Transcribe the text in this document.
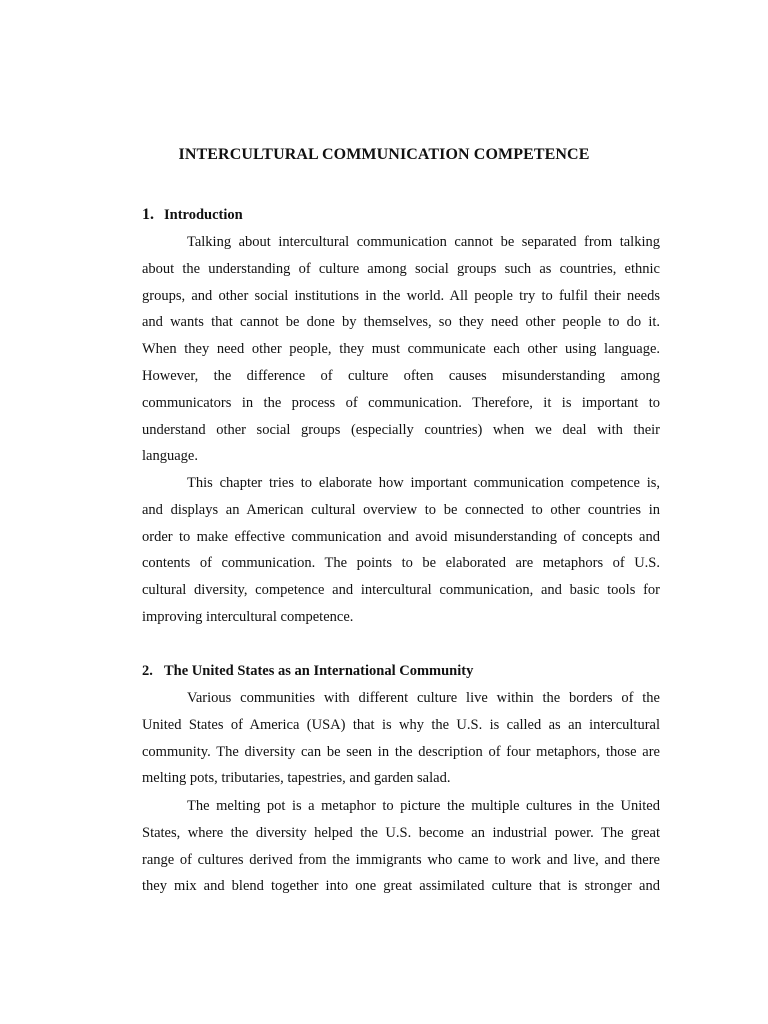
INTERCULTURAL COMMUNICATION COMPETENCE
1. Introduction
Talking about intercultural communication cannot be separated from talking
about the understanding of culture among social groups such as countries, ethnic
groups, and other social institutions in the world. All people try to fulfil their needs
and wants that cannot be done by themselves, so they need other people to do it.
When they need other people, they must communicate each other using language.
However, the difference of culture often causes misunderstanding among
communicators in the process of communication. Therefore, it is important to
understand other social groups (especially countries) when we deal with their
language.
This chapter tries to elaborate how important communication competence is,
and displays an American cultural overview to be connected to other countries in
order to make effective communication and avoid misunderstanding of concepts and
contents of communication. The points to be elaborated are metaphors of U.S.
cultural diversity, competence and intercultural communication, and basic tools for
improving intercultural competence.
2. The United States as an International Community
Various communities with different culture live within the borders of the
United States of America (USA) that is why the U.S. is called as an intercultural
community. The diversity can be seen in the description of four metaphors, those are
melting pots, tributaries, tapestries, and garden salad.
The melting pot is a metaphor to picture the multiple cultures in the United
States, where the diversity helped the U.S. become an industrial power. The great
range of cultures derived from the immigrants who came to work and live, and there
they mix and blend together into one great assimilated culture that is stronger and
